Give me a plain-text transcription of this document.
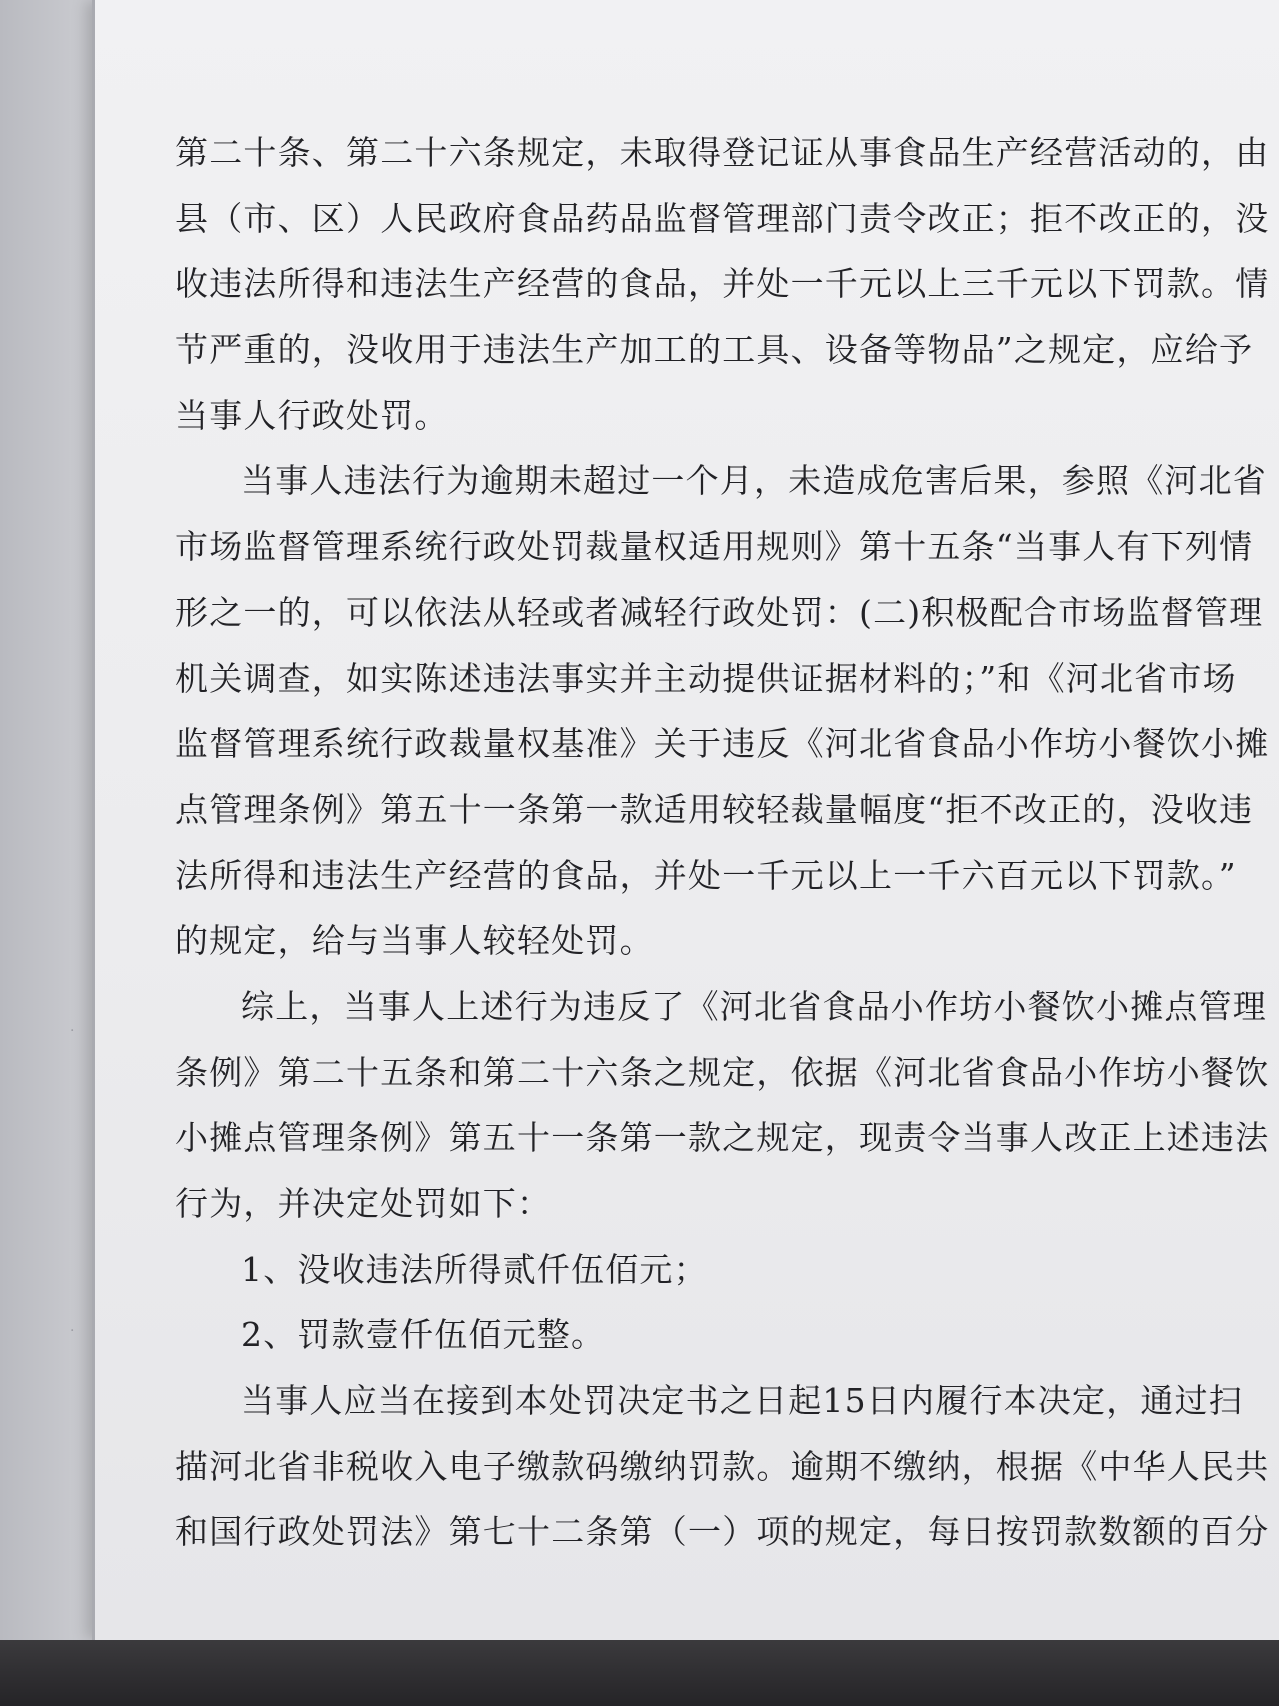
·
·
第二十条、第二十六条规定，未取得登记证从事食品生产经营活动的，由
县（市、区）人民政府食品药品监督管理部门责令改正；拒不改正的，没
收违法所得和违法生产经营的食品，并处一千元以上三千元以下罚款。情
节严重的，没收用于违法生产加工的工具、设备等物品”之规定，应给予
当事人行政处罚。
当事人违法行为逾期未超过一个月，未造成危害后果，参照《河北省
市场监督管理系统行政处罚裁量权适用规则》第十五条“当事人有下列情
形之一的，可以依法从轻或者减轻行政处罚：(二)积极配合市场监督管理
机关调查，如实陈述违法事实并主动提供证据材料的；”和《河北省市场
监督管理系统行政裁量权基准》关于违反《河北省食品小作坊小餐饮小摊
点管理条例》第五十一条第一款适用较轻裁量幅度“拒不改正的，没收违
法所得和违法生产经营的食品，并处一千元以上一千六百元以下罚款。”
的规定，给与当事人较轻处罚。
综上，当事人上述行为违反了《河北省食品小作坊小餐饮小摊点管理
条例》第二十五条和第二十六条之规定，依据《河北省食品小作坊小餐饮
小摊点管理条例》第五十一条第一款之规定，现责令当事人改正上述违法
行为，并决定处罚如下：
1、没收违法所得贰仟伍佰元；
2、罚款壹仟伍佰元整。
当事人应当在接到本处罚决定书之日起15日内履行本决定，通过扫
描河北省非税收入电子缴款码缴纳罚款。逾期不缴纳，根据《中华人民共
和国行政处罚法》第七十二条第（一）项的规定，每日按罚款数额的百分
